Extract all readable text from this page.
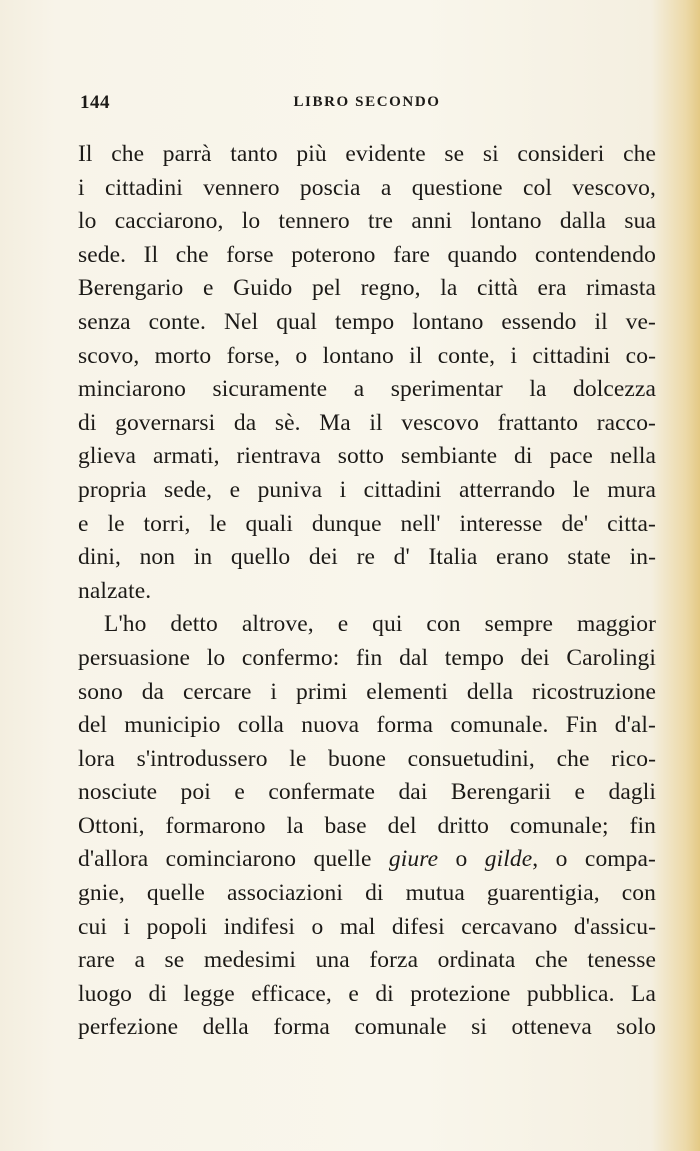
144	LIBRO SECONDO
Il che parrà tanto più evidente se si consideri che
i cittadini vennero poscia a questione col vescovo,
lo cacciarono, lo tennero tre anni lontano dalla sua
sede. Il che forse poterono fare quando contendendo
Berengario e Guido pel regno, la città era rimasta
senza conte. Nel qual tempo lontano essendo il ve-
scovo, morto forse, o lontano il conte, i cittadini co-
minciarono sicuramente a sperimentar la dolcezza
di governarsi da sè. Ma il vescovo frattanto racco-
glieva armati, rientrava sotto sembiante di pace nella
propria sede, e puniva i cittadini atterrando le mura
e le torri, le quali dunque nell' interesse de' citta-
dini, non in quello dei re d' Italia erano state in-
nalzate.
L'ho detto altrove, e qui con sempre maggior
persuasione lo confermo: fin dal tempo dei Carolingi
sono da cercare i primi elementi della ricostruzione
del municipio colla nuova forma comunale. Fin d'al-
lora s'introdussero le buone consuetudini, che rico-
nosciute poi e confermate dai Berengarii e dagli
Ottoni, formarono la base del dritto comunale; fin
d'allora cominciarono quelle giure o gilde, o compa-
gnie, quelle associazioni di mutua guarentigia, con
cui i popoli indifesi o mal difesi cercavano d'assicu-
rare a se medesimi una forza ordinata che tenesse
luogo di legge efficace, e di protezione pubblica. La
perfezione della forma comunale si otteneva solo
